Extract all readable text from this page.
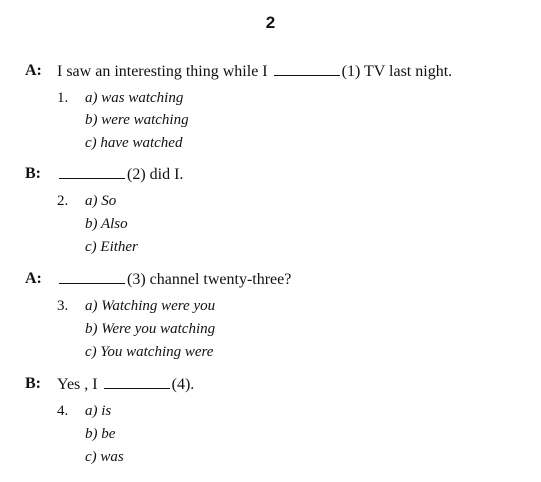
2
A: I saw an interesting thing while I	(1) TV last night.
1. a) was watching
b) were watching
c) have watched
B:	(2) did I.
2. a) So
b) Also
c) Either
A:	(3) channel twenty-three?
3. a) Watching were you
b) Were you watching
c) You watching were
B: Yes , I	(4).
4. a) is
b) be
c) was
